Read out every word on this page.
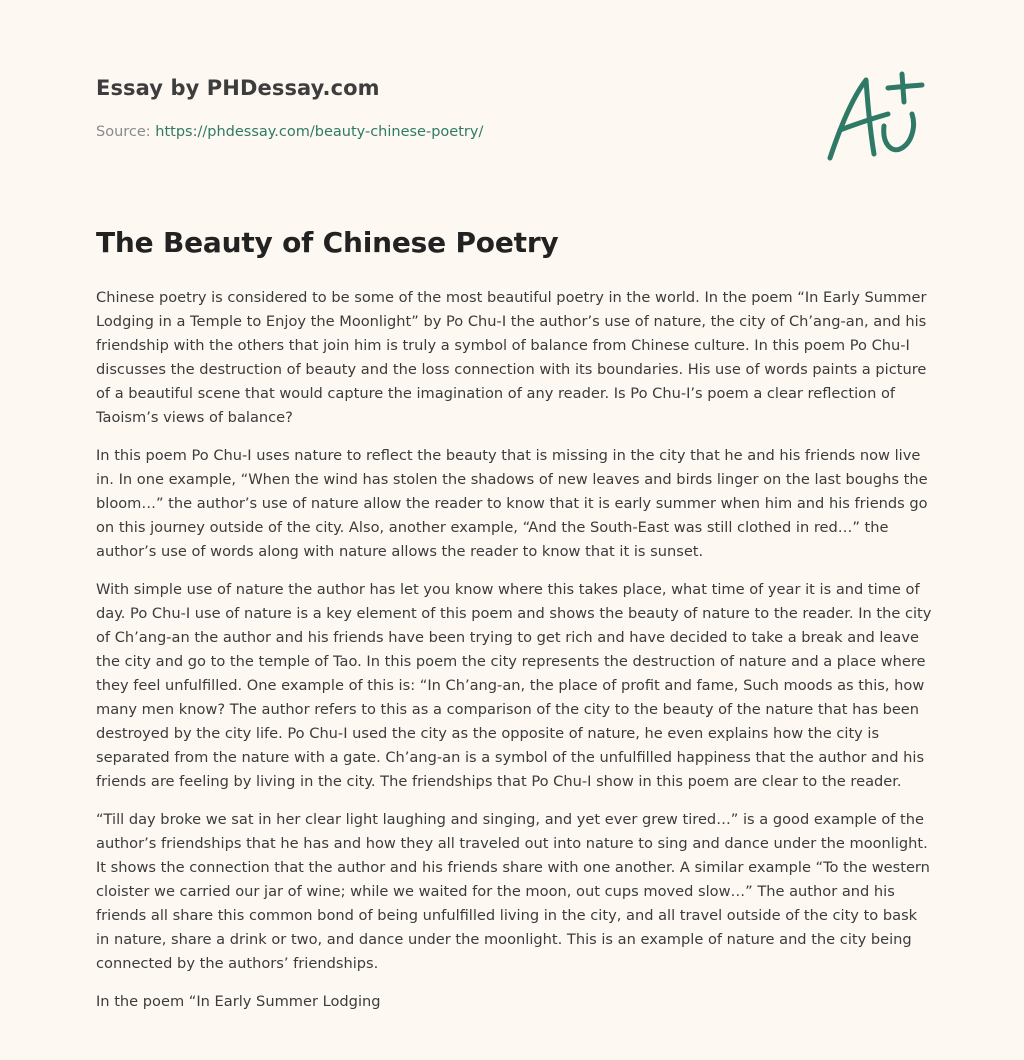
Essay by PHDessay.com

Source: https://phdessay.com/beauty-chinese-poetry/

The Beauty of Chinese Poetry

Chinese poetry is considered to be some of the most beautiful poetry in the world. In the poem “In Early Summer Lodging in a Temple to Enjoy the Moonlight” by Po Chu-I the author’s use of nature, the city of Ch’ang-an, and his friendship with the others that join him is truly a symbol of balance from Chinese culture. In this poem Po Chu-I discusses the destruction of beauty and the loss connection with its boundaries. His use of words paints a picture of a beautiful scene that would capture the imagination of any reader. Is Po Chu-I’s poem a clear reflection of Taoism’s views of balance?

In this poem Po Chu-I uses nature to reflect the beauty that is missing in the city that he and his friends now live in. In one example, “When the wind has stolen the shadows of new leaves and birds linger on the last boughs the bloom…” the author’s use of nature allow the reader to know that it is early summer when him and his friends go on this journey outside of the city. Also, another example, “And the South-East was still clothed in red…” the author’s use of words along with nature allows the reader to know that it is sunset.

With simple use of nature the author has let you know where this takes place, what time of year it is and time of day. Po Chu-I use of nature is a key element of this poem and shows the beauty of nature to the reader. In the city of Ch’ang-an the author and his friends have been trying to get rich and have decided to take a break and leave the city and go to the temple of Tao. In this poem the city represents the destruction of nature and a place where they feel unfulfilled. One example of this is: “In Ch’ang-an, the place of profit and fame, Such moods as this, how many men know? The author refers to this as a comparison of the city to the beauty of the nature that has been destroyed by the city life. Po Chu-I used the city as the opposite of nature, he even explains how the city is separated from the nature with a gate. Ch’ang-an is a symbol of the unfulfilled happiness that the author and his friends are feeling by living in the city. The friendships that Po Chu-I show in this poem are clear to the reader.

“Till day broke we sat in her clear light laughing and singing, and yet ever grew tired…” is a good example of the author’s friendships that he has and how they all traveled out into nature to sing and dance under the moonlight. It shows the connection that the author and his friends share with one another. A similar example “To the western cloister we carried our jar of wine; while we waited for the moon, out cups moved slow…” The author and his friends all share this common bond of being unfulfilled living in the city, and all travel outside of the city to bask in nature, share a drink or two, and dance under the moonlight. This is an example of nature and the city being connected by the authors’ friendships.

In the poem “In Early Summer Lodging
